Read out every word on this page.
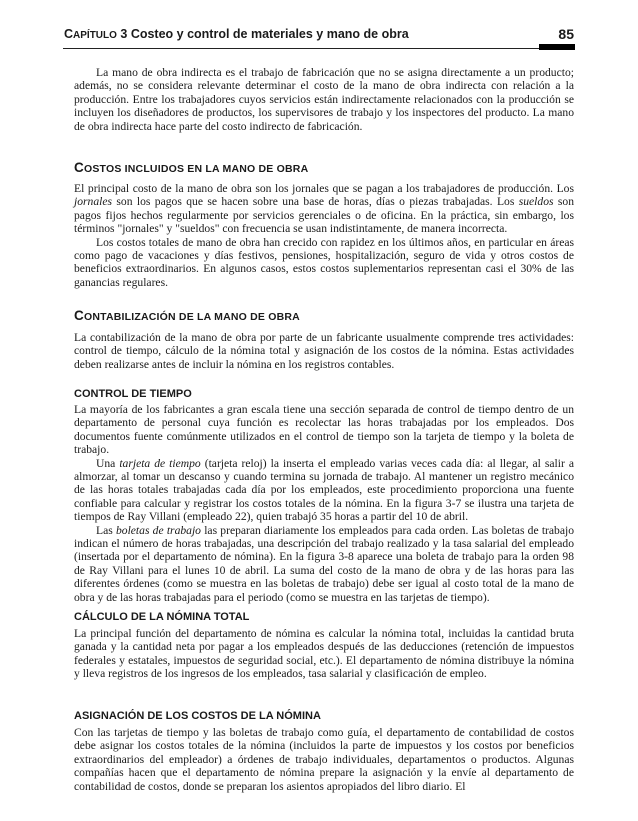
CAPÍTULO 3 Costeo y control de materiales y mano de obra	85

La mano de obra indirecta es el trabajo de fabricación que no se asigna directamente a un producto; además, no se considera relevante determinar el costo de la mano de obra indirecta con relación a la producción. Entre los trabajadores cuyos servicios están indirectamente relacionados con la producción se incluyen los diseñadores de productos, los supervisores de trabajo y los inspectores del producto. La mano de obra indirecta hace parte del costo indirecto de fabricación.

COSTOS INCLUIDOS EN LA MANO DE OBRA

El principal costo de la mano de obra son los jornales que se pagan a los trabajadores de producción. Los jornales son los pagos que se hacen sobre una base de horas, días o piezas trabajadas. Los sueldos son pagos fijos hechos regularmente por servicios gerenciales o de oficina. En la práctica, sin embargo, los términos "jornales" y "sueldos" con frecuencia se usan indistintamente, de manera incorrecta.

Los costos totales de mano de obra han crecido con rapidez en los últimos años, en particular en áreas como pago de vacaciones y días festivos, pensiones, hospitalización, seguro de vida y otros costos de beneficios extraordinarios. En algunos casos, estos costos suplementarios representan casi el 30% de las ganancias regulares.

CONTABILIZACIÓN DE LA MANO DE OBRA

La contabilización de la mano de obra por parte de un fabricante usualmente comprende tres actividades: control de tiempo, cálculo de la nómina total y asignación de los costos de la nómina. Estas actividades deben realizarse antes de incluir la nómina en los registros contables.

CONTROL DE TIEMPO

La mayoría de los fabricantes a gran escala tiene una sección separada de control de tiempo dentro de un departamento de personal cuya función es recolectar las horas trabajadas por los empleados. Dos documentos fuente comúnmente utilizados en el control de tiempo son la tarjeta de tiempo y la boleta de trabajo.

Una tarjeta de tiempo (tarjeta reloj) la inserta el empleado varias veces cada día: al llegar, al salir a almorzar, al tomar un descanso y cuando termina su jornada de trabajo. Al mantener un registro mecánico de las horas totales trabajadas cada día por los empleados, este procedimiento proporciona una fuente confiable para calcular y registrar los costos totales de la nómina. En la figura 3-7 se ilustra una tarjeta de tiempos de Ray Villani (empleado 22), quien trabajó 35 horas a partir del 10 de abril.

Las boletas de trabajo las preparan diariamente los empleados para cada orden. Las boletas de trabajo indican el número de horas trabajadas, una descripción del trabajo realizado y la tasa salarial del empleado (insertada por el departamento de nómina). En la figura 3-8 aparece una boleta de trabajo para la orden 98 de Ray Villani para el lunes 10 de abril. La suma del costo de la mano de obra y de las horas para las diferentes órdenes (como se muestra en las boletas de trabajo) debe ser igual al costo total de la mano de obra y de las horas trabajadas para el periodo (como se muestra en las tarjetas de tiempo).

CÁLCULO DE LA NÓMINA TOTAL

La principal función del departamento de nómina es calcular la nómina total, incluidas la cantidad bruta ganada y la cantidad neta por pagar a los empleados después de las deducciones (retención de impuestos federales y estatales, impuestos de seguridad social, etc.). El departamento de nómina distribuye la nómina y lleva registros de los ingresos de los empleados, tasa salarial y clasificación de empleo.

ASIGNACIÓN DE LOS COSTOS DE LA NÓMINA

Con las tarjetas de tiempo y las boletas de trabajo como guía, el departamento de contabilidad de costos debe asignar los costos totales de la nómina (incluidos la parte de impuestos y los costos por beneficios extraordinarios del empleador) a órdenes de trabajo individuales, departamentos o productos. Algunas compañías hacen que el departamento de nómina prepare la asignación y la envíe al departamento de contabilidad de costos, donde se preparan los asientos apropiados del libro diario. El
